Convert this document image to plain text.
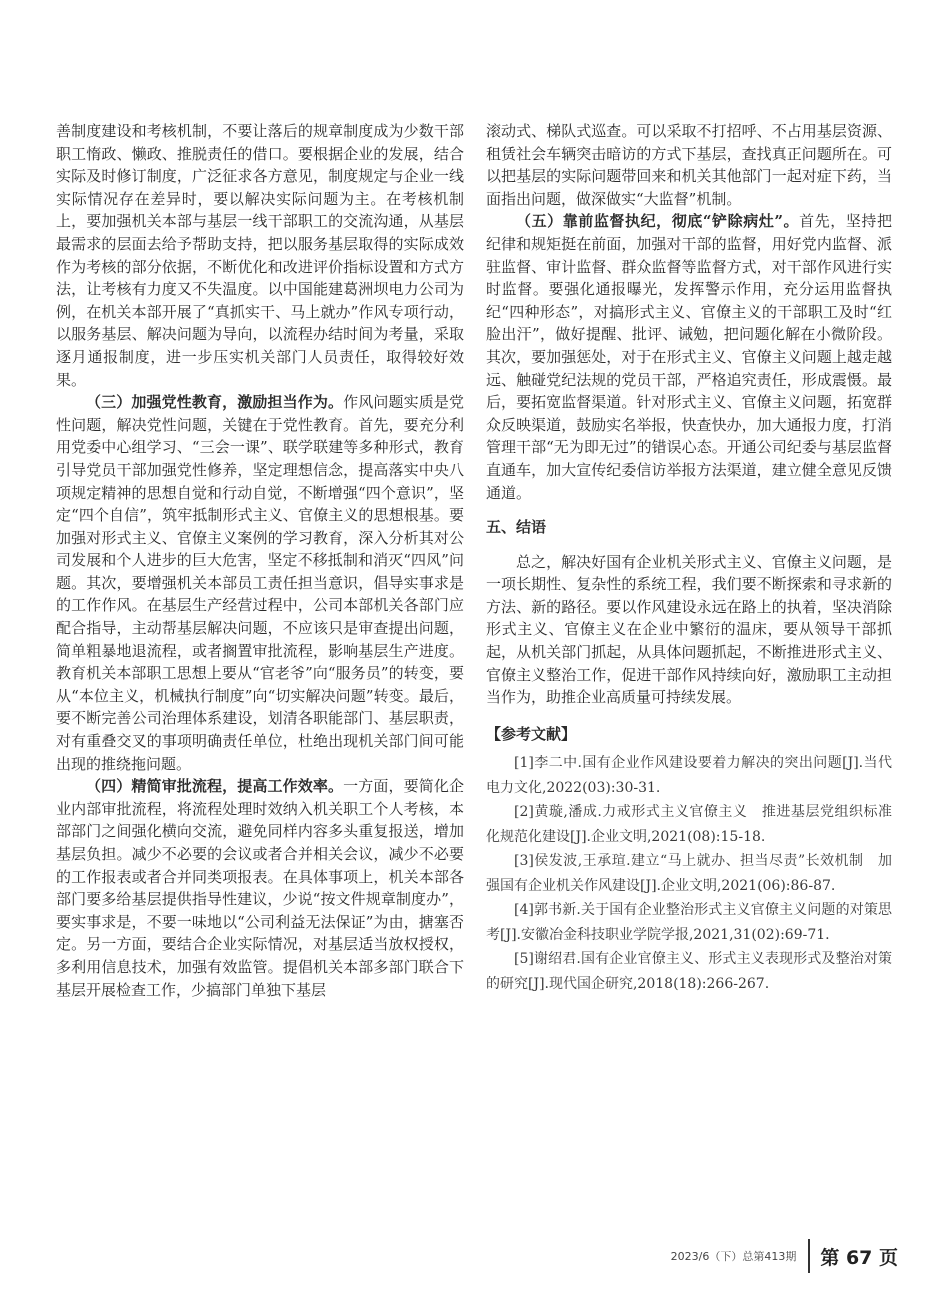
善制度建设和考核机制，不要让落后的规章制度成为少数干部职工惰政、懒政、推脱责任的借口。要根据企业的发展，结合实际及时修订制度，广泛征求各方意见，制度规定与企业一线实际情况存在差异时，要以解决实际问题为主。在考核机制上，要加强机关本部与基层一线干部职工的交流沟通，从基层最需求的层面去给予帮助支持，把以服务基层取得的实际成效作为考核的部分依据，不断优化和改进评价指标设置和方式方法，让考核有力度又不失温度。以中国能建葛洲坝电力公司为例，在机关本部开展了“真抓实干、马上就办”作风专项行动，以服务基层、解决问题为导向，以流程办结时间为考量，采取逐月通报制度，进一步压实机关部门人员责任，取得较好效果。

（三）加强党性教育，激励担当作为。作风问题实质是党性问题，解决党性问题，关键在于党性教育。首先，要充分利用党委中心组学习、“三会一课”、联学联建等多种形式，教育引导党员干部加强党性修养，坚定理想信念，提高落实中央八项规定精神的思想自觉和行动自觉，不断增强“四个意识”，坚定“四个自信”，筑牢抵制形式主义、官僚主义的思想根基。要加强对形式主义、官僚主义案例的学习教育，深入分析其对公司发展和个人进步的巨大危害，坚定不移抵制和消灭“四风”问题。其次，要增强机关本部员工责任担当意识，倡导实事求是的工作作风。在基层生产经营过程中，公司本部机关各部门应配合指导，主动帮基层解决问题，不应该只是审查提出问题，简单粗暴地退流程，或者搁置审批流程，影响基层生产进度。教育机关本部职工思想上要从“官老爷”向“服务员”的转变，要从“本位主义，机械执行制度”向“切实解决问题”转变。最后，要不断完善公司治理体系建设，划清各职能部门、基层职责，对有重叠交叉的事项明确责任单位，杜绝出现机关部门间可能出现的推绕拖问题。

（四）精简审批流程，提高工作效率。一方面，要简化企业内部审批流程，将流程处理时效纳入机关职工个人考核，本部部门之间强化横向交流，避免同样内容多头重复报送，增加基层负担。减少不必要的会议或者合并相关会议，减少不必要的工作报表或者合并同类项报表。在具体事项上，机关本部各部门要多给基层提供指导性建议，少说“按文件规章制度办”，要实事求是，不要一味地以“公司利益无法保证”为由，搪塞否定。另一方面，要结合企业实际情况，对基层适当放权授权，多利用信息技术，加强有效监管。提倡机关本部多部门联合下基层开展检查工作，少搞部门单独下基层

滚动式、梯队式巡查。可以采取不打招呼、不占用基层资源、租赁社会车辆突击暗访的方式下基层，查找真正问题所在。可以把基层的实际问题带回来和机关其他部门一起对症下药，当面指出问题，做深做实“大监督”机制。

（五）靠前监督执纪，彻底“铲除病灶”。首先，坚持把纪律和规矩挺在前面，加强对干部的监督，用好党内监督、派驻监督、审计监督、群众监督等监督方式，对干部作风进行实时监督。要强化通报曝光，发挥警示作用，充分运用监督执纪“四种形态”，对搞形式主义、官僚主义的干部职工及时“红脸出汗”，做好提醒、批评、诫勉，把问题化解在小微阶段。其次，要加强惩处，对于在形式主义、官僚主义问题上越走越远、触碰党纪法规的党员干部，严格追究责任，形成震慑。最后，要拓宽监督渠道。针对形式主义、官僚主义问题，拓宽群众反映渠道，鼓励实名举报，快查快办，加大通报力度，打消管理干部“无为即无过”的错误心态。开通公司纪委与基层监督直通车，加大宣传纪委信访举报方法渠道，建立健全意见反馈通道。

五、结语

总之，解决好国有企业机关形式主义、官僚主义问题，是一项长期性、复杂性的系统工程，我们要不断探索和寻求新的方法、新的路径。要以作风建设永远在路上的执着，坚决消除形式主义、官僚主义在企业中繁衍的温床，要从领导干部抓起，从机关部门抓起，从具体问题抓起，不断推进形式主义、官僚主义整治工作，促进干部作风持续向好，激励职工主动担当作为，助推企业高质量可持续发展。

【参考文献】

[1]李二中.国有企业作风建设要着力解决的突出问题[J].当代电力文化,2022(03):30-31.

[2]黄璇,潘成.力戒形式主义官僚主义　推进基层党组织标准化规范化建设[J].企业文明,2021(08):15-18.

[3]侯发波,王承瑄.建立“马上就办、担当尽责”长效机制　加强国有企业机关作风建设[J].企业文明,2021(06):86-87.

[4]郭书新.关于国有企业整治形式主义官僚主义问题的对策思考[J].安徽冶金科技职业学院学报,2021,31(02):69-71.

[5]谢绍君.国有企业官僚主义、形式主义表现形式及整治对策的研究[J].现代国企研究,2018(18):266-267.

2023/6（下）总第413期 第 67 页
